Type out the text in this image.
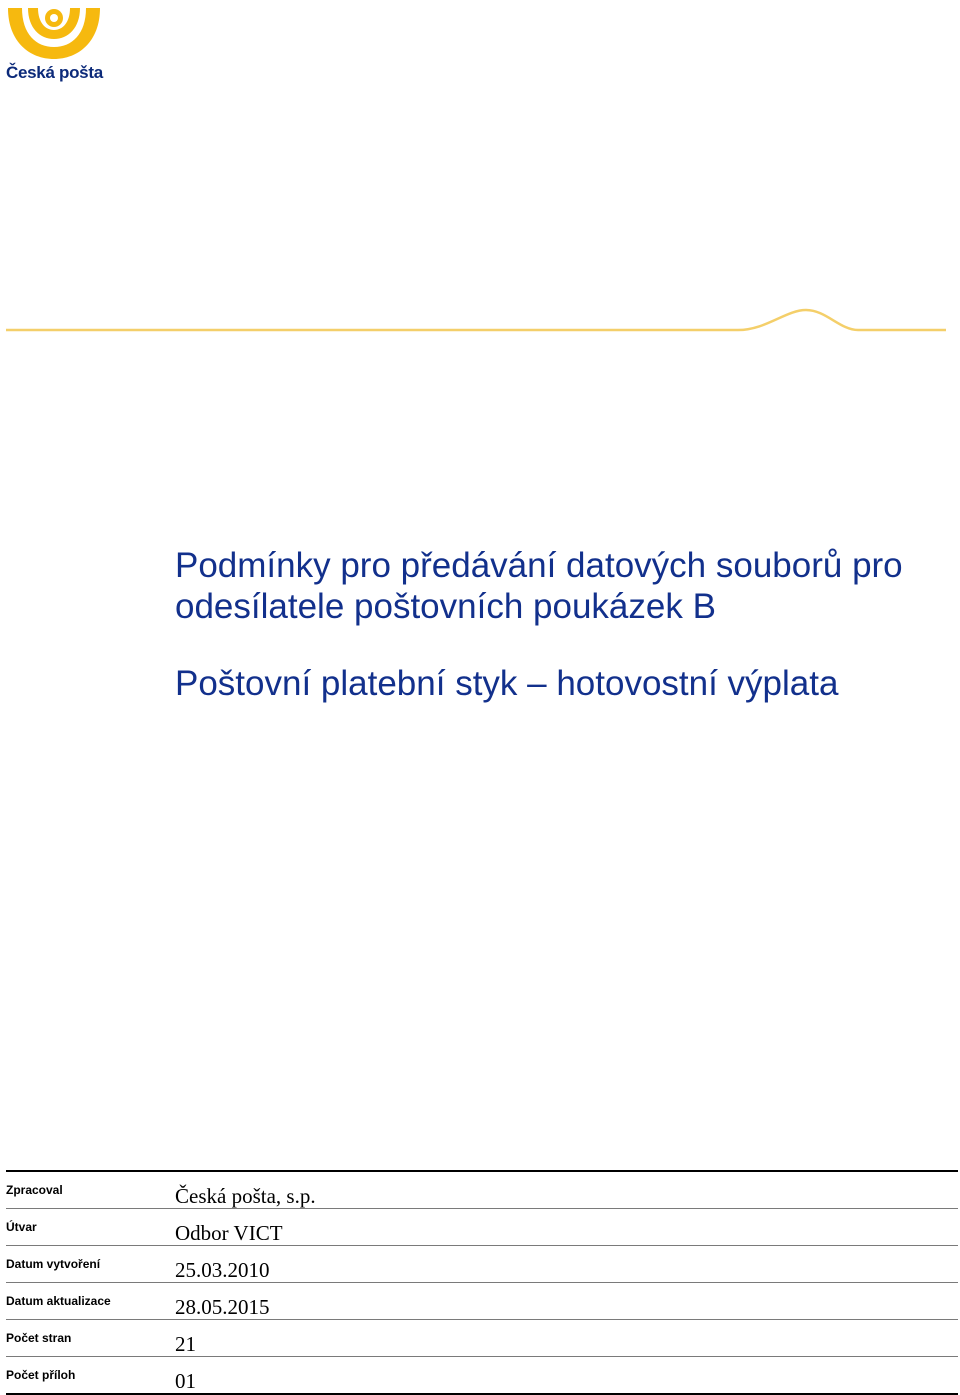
Česká pošta
Podmínky pro předávání datových souborů pro odesílatele poštovních poukázek B
Poštovní platební styk – hotovostní výplata
Zpracoval	Česká pošta, s.p.
Útvar	Odbor VICT
Datum vytvoření	25.03.2010
Datum aktualizace	28.05.2015
Počet stran	21
Počet příloh	01
